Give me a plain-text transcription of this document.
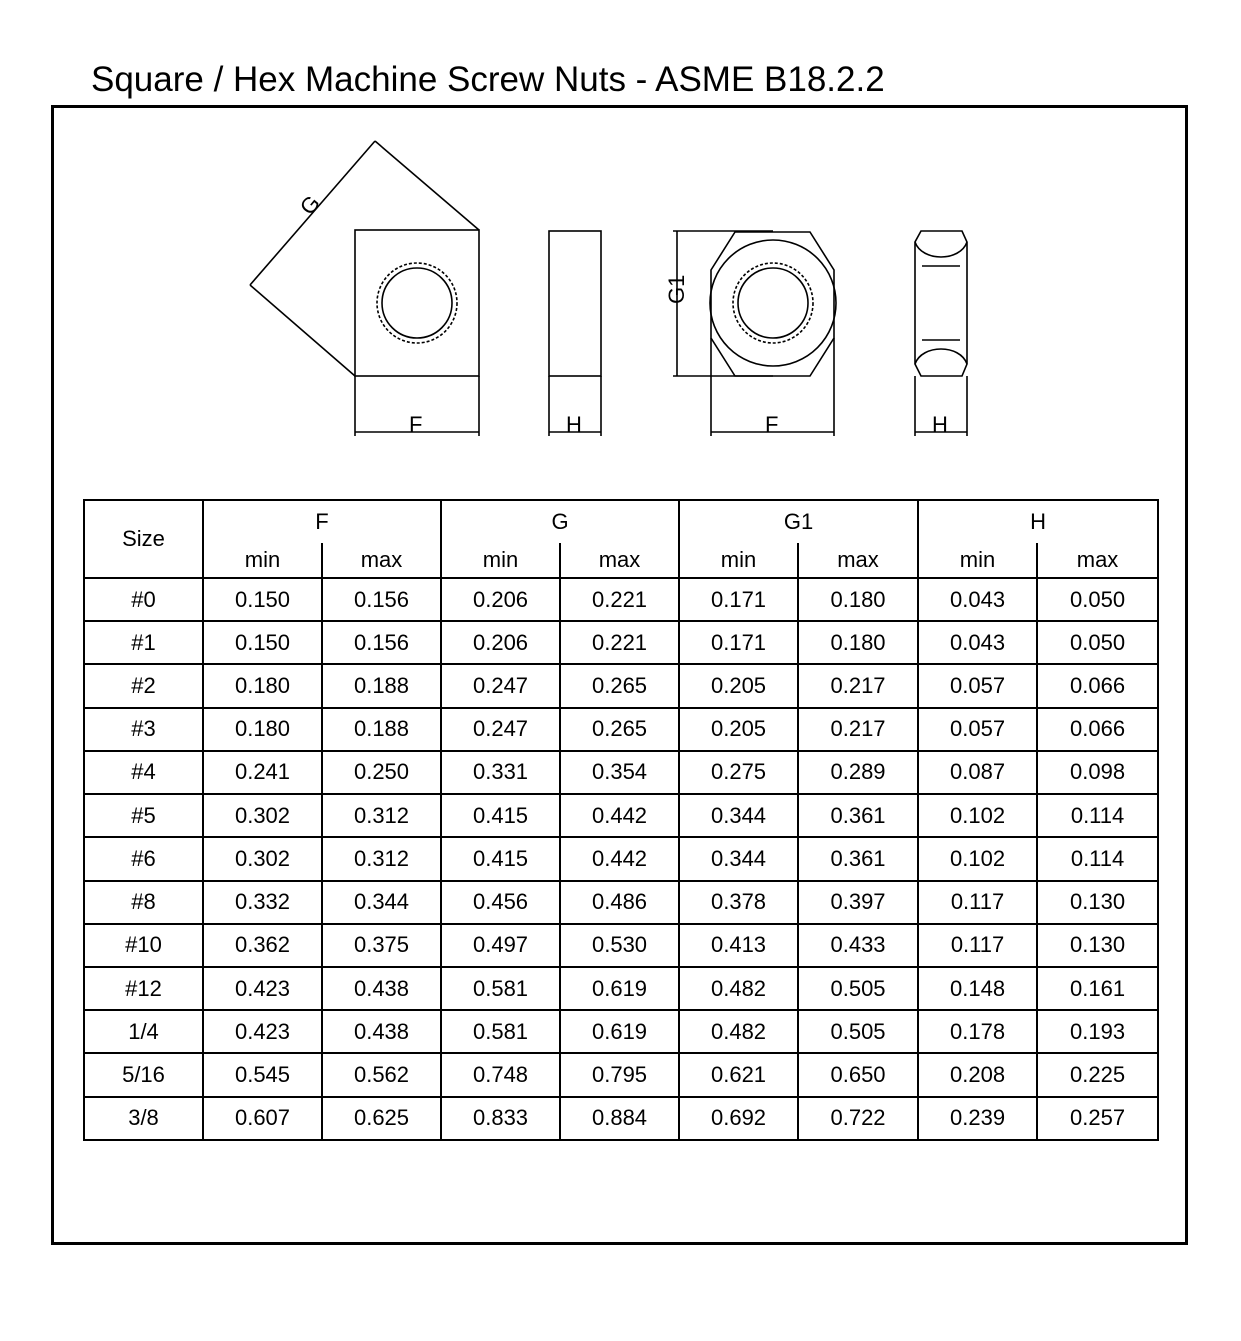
Square / Hex Machine Screw Nuts - ASME B18.2.2
G
F	H
G1
F	H
Size	F		G		G1		H	
	min	max	min	max	min	max	min	max
#0	0.150	0.156	0.206	0.221	0.171	0.180	0.043	0.050
#1	0.150	0.156	0.206	0.221	0.171	0.180	0.043	0.050
#2	0.180	0.188	0.247	0.265	0.205	0.217	0.057	0.066
#3	0.180	0.188	0.247	0.265	0.205	0.217	0.057	0.066
#4	0.241	0.250	0.331	0.354	0.275	0.289	0.087	0.098
#5	0.302	0.312	0.415	0.442	0.344	0.361	0.102	0.114
#6	0.302	0.312	0.415	0.442	0.344	0.361	0.102	0.114
#8	0.332	0.344	0.456	0.486	0.378	0.397	0.117	0.130
#10	0.362	0.375	0.497	0.530	0.413	0.433	0.117	0.130
#12	0.423	0.438	0.581	0.619	0.482	0.505	0.148	0.161
1/4	0.423	0.438	0.581	0.619	0.482	0.505	0.178	0.193
5/16	0.545	0.562	0.748	0.795	0.621	0.650	0.208	0.225
3/8	0.607	0.625	0.833	0.884	0.692	0.722	0.239	0.257
